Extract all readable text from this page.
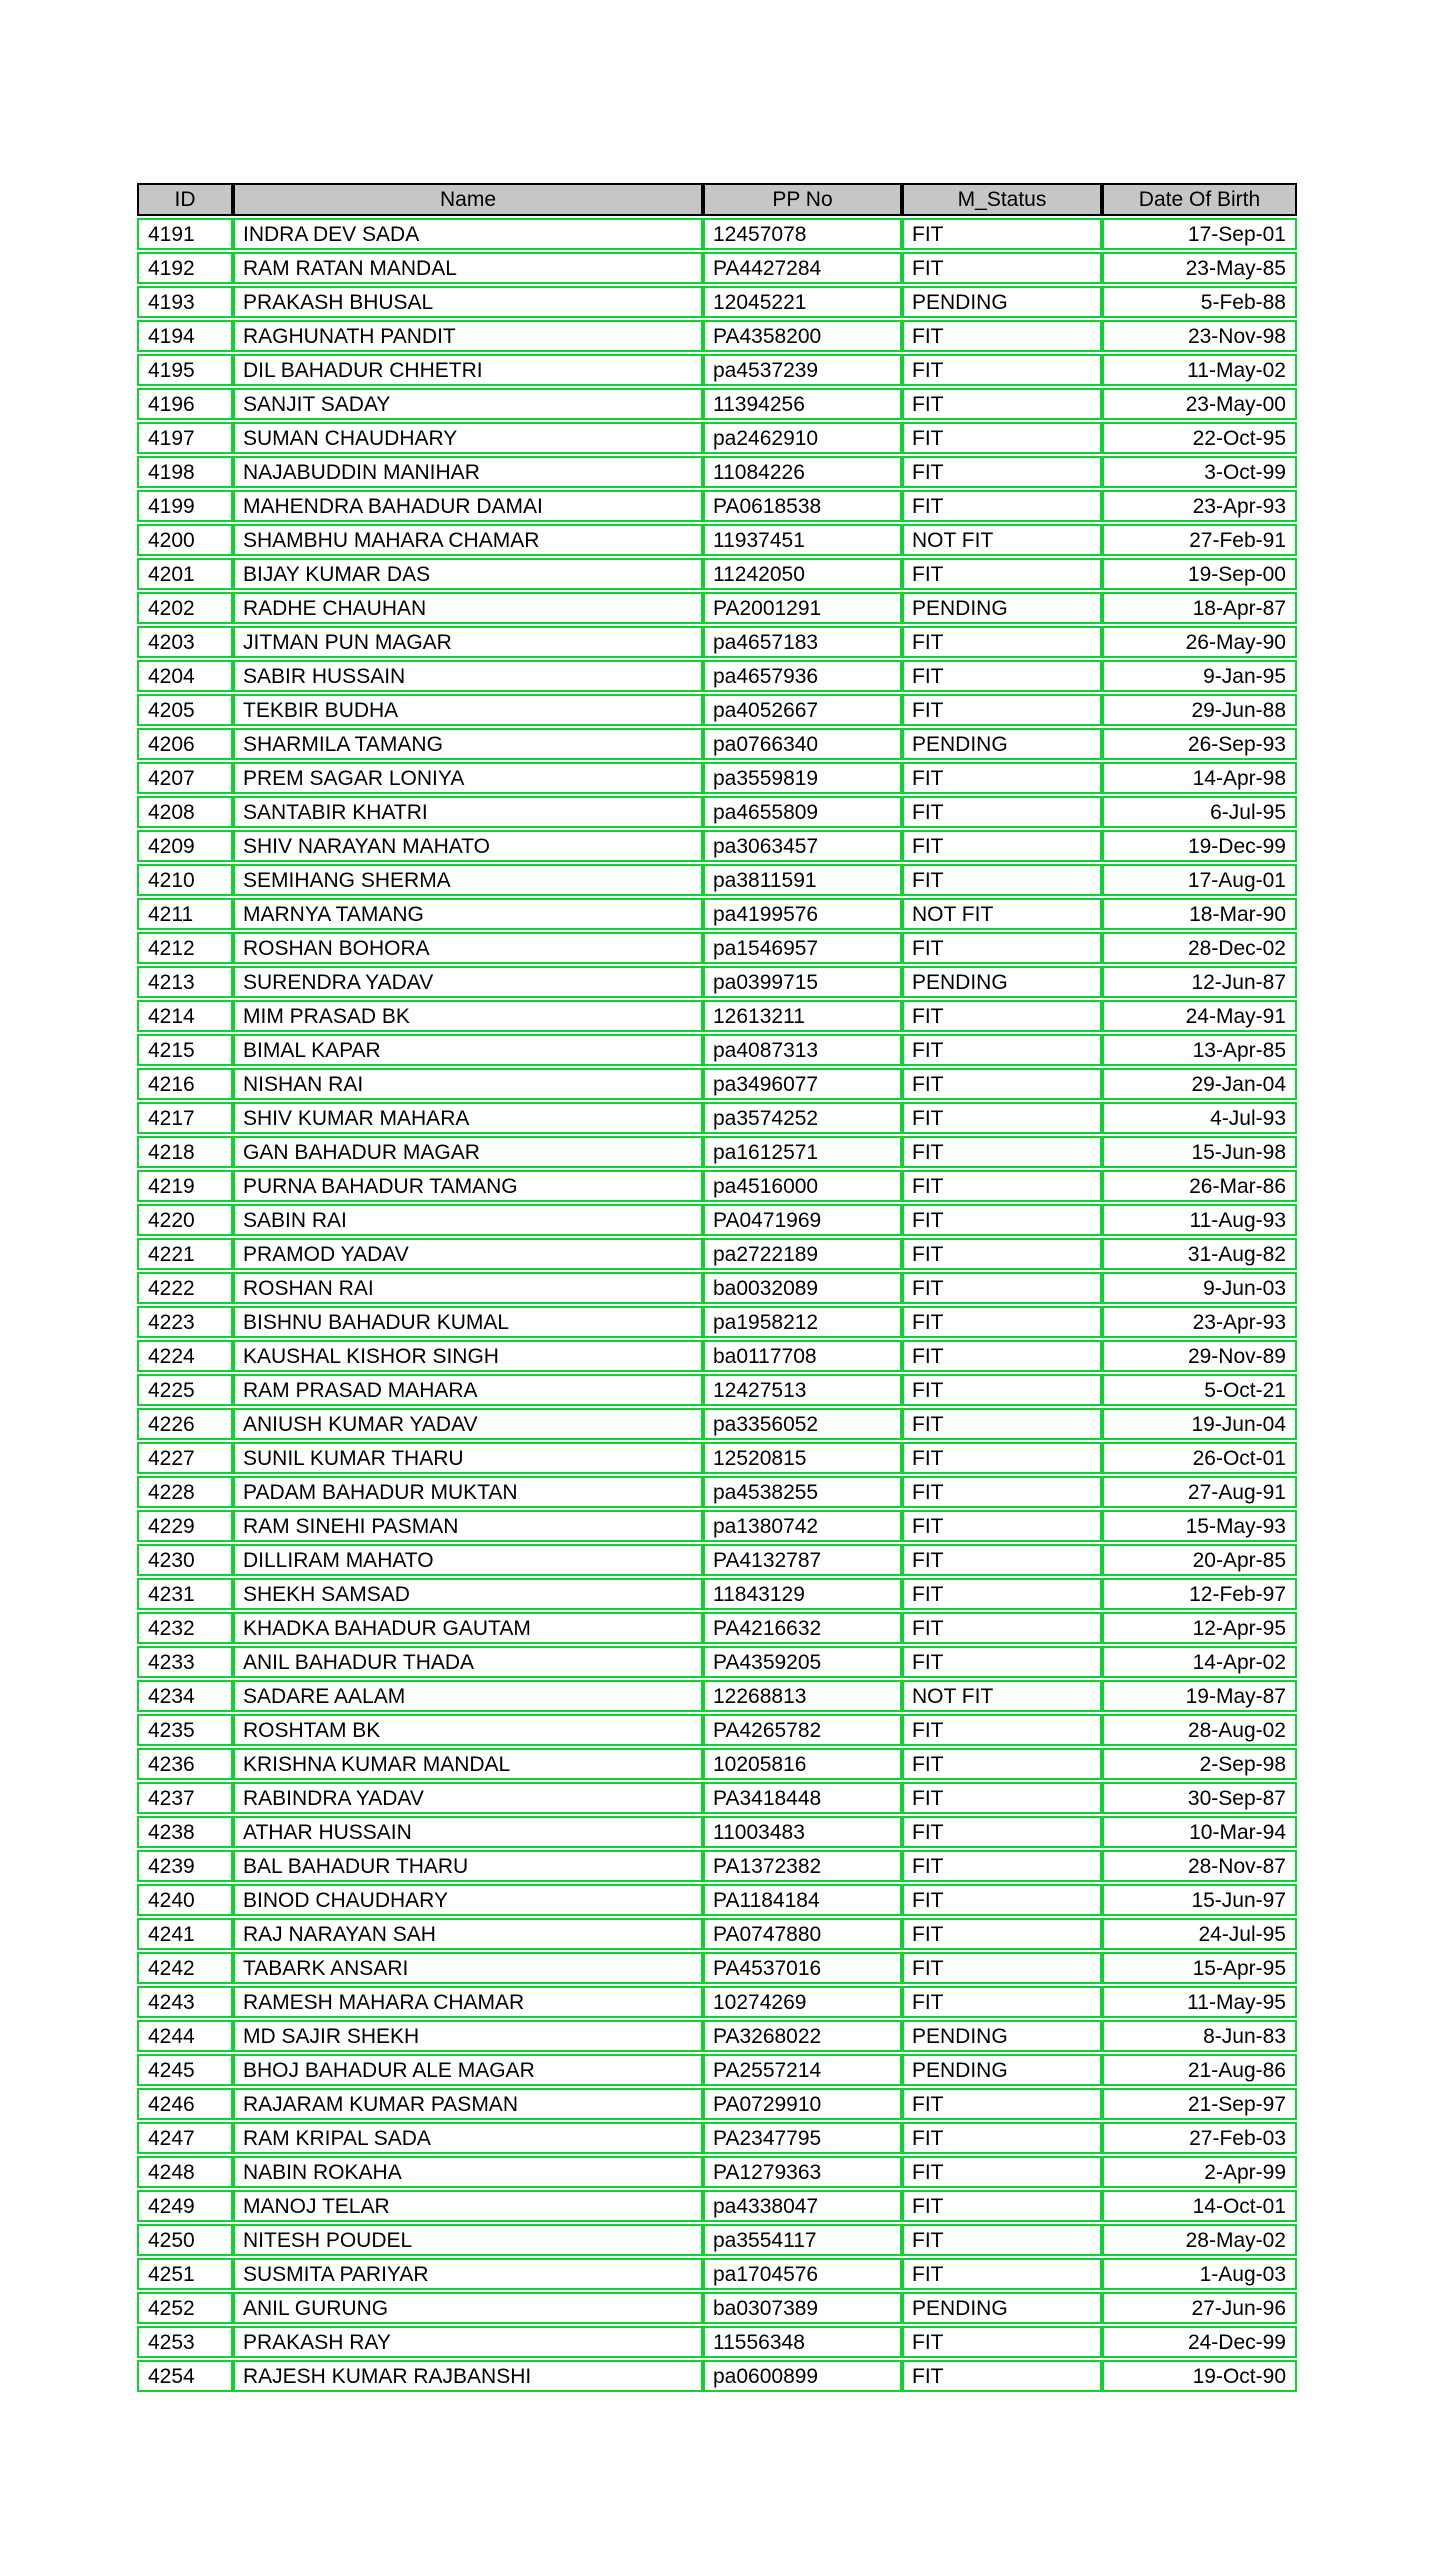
ID	Name	PP No	M_Status	Date Of Birth
4191	INDRA DEV SADA	12457078	FIT	17-Sep-01
4192	RAM RATAN MANDAL	PA4427284	FIT	23-May-85
4193	PRAKASH BHUSAL	12045221	PENDING	5-Feb-88
4194	RAGHUNATH PANDIT	PA4358200	FIT	23-Nov-98
4195	DIL BAHADUR CHHETRI	pa4537239	FIT	11-May-02
4196	SANJIT SADAY	11394256	FIT	23-May-00
4197	SUMAN CHAUDHARY	pa2462910	FIT	22-Oct-95
4198	NAJABUDDIN MANIHAR	11084226	FIT	3-Oct-99
4199	MAHENDRA BAHADUR DAMAI	PA0618538	FIT	23-Apr-93
4200	SHAMBHU MAHARA CHAMAR	11937451	NOT FIT	27-Feb-91
4201	BIJAY KUMAR DAS	11242050	FIT	19-Sep-00
4202	RADHE CHAUHAN	PA2001291	PENDING	18-Apr-87
4203	JITMAN PUN MAGAR	pa4657183	FIT	26-May-90
4204	SABIR HUSSAIN	pa4657936	FIT	9-Jan-95
4205	TEKBIR BUDHA	pa4052667	FIT	29-Jun-88
4206	SHARMILA TAMANG	pa0766340	PENDING	26-Sep-93
4207	PREM SAGAR LONIYA	pa3559819	FIT	14-Apr-98
4208	SANTABIR KHATRI	pa4655809	FIT	6-Jul-95
4209	SHIV NARAYAN MAHATO	pa3063457	FIT	19-Dec-99
4210	SEMIHANG SHERMA	pa3811591	FIT	17-Aug-01
4211	MARNYA TAMANG	pa4199576	NOT FIT	18-Mar-90
4212	ROSHAN BOHORA	pa1546957	FIT	28-Dec-02
4213	SURENDRA YADAV	pa0399715	PENDING	12-Jun-87
4214	MIM PRASAD BK	12613211	FIT	24-May-91
4215	BIMAL KAPAR	pa4087313	FIT	13-Apr-85
4216	NISHAN RAI	pa3496077	FIT	29-Jan-04
4217	SHIV KUMAR MAHARA	pa3574252	FIT	4-Jul-93
4218	GAN BAHADUR MAGAR	pa1612571	FIT	15-Jun-98
4219	PURNA BAHADUR TAMANG	pa4516000	FIT	26-Mar-86
4220	SABIN RAI	PA0471969	FIT	11-Aug-93
4221	PRAMOD YADAV	pa2722189	FIT	31-Aug-82
4222	ROSHAN RAI	ba0032089	FIT	9-Jun-03
4223	BISHNU BAHADUR KUMAL	pa1958212	FIT	23-Apr-93
4224	KAUSHAL KISHOR SINGH	ba0117708	FIT	29-Nov-89
4225	RAM PRASAD MAHARA	12427513	FIT	5-Oct-21
4226	ANIUSH KUMAR YADAV	pa3356052	FIT	19-Jun-04
4227	SUNIL KUMAR THARU	12520815	FIT	26-Oct-01
4228	PADAM BAHADUR MUKTAN	pa4538255	FIT	27-Aug-91
4229	RAM SINEHI PASMAN	pa1380742	FIT	15-May-93
4230	DILLIRAM MAHATO	PA4132787	FIT	20-Apr-85
4231	SHEKH SAMSAD	11843129	FIT	12-Feb-97
4232	KHADKA BAHADUR GAUTAM	PA4216632	FIT	12-Apr-95
4233	ANIL BAHADUR THADA	PA4359205	FIT	14-Apr-02
4234	SADARE AALAM	12268813	NOT FIT	19-May-87
4235	ROSHTAM BK	PA4265782	FIT	28-Aug-02
4236	KRISHNA KUMAR MANDAL	10205816	FIT	2-Sep-98
4237	RABINDRA YADAV	PA3418448	FIT	30-Sep-87
4238	ATHAR HUSSAIN	11003483	FIT	10-Mar-94
4239	BAL BAHADUR THARU	PA1372382	FIT	28-Nov-87
4240	BINOD CHAUDHARY	PA1184184	FIT	15-Jun-97
4241	RAJ NARAYAN SAH	PA0747880	FIT	24-Jul-95
4242	TABARK ANSARI	PA4537016	FIT	15-Apr-95
4243	RAMESH MAHARA CHAMAR	10274269	FIT	11-May-95
4244	MD SAJIR SHEKH	PA3268022	PENDING	8-Jun-83
4245	BHOJ BAHADUR ALE MAGAR	PA2557214	PENDING	21-Aug-86
4246	RAJARAM KUMAR PASMAN	PA0729910	FIT	21-Sep-97
4247	RAM KRIPAL SADA	PA2347795	FIT	27-Feb-03
4248	NABIN ROKAHA	PA1279363	FIT	2-Apr-99
4249	MANOJ TELAR	pa4338047	FIT	14-Oct-01
4250	NITESH POUDEL	pa3554117	FIT	28-May-02
4251	SUSMITA PARIYAR	pa1704576	FIT	1-Aug-03
4252	ANIL GURUNG	ba0307389	PENDING	27-Jun-96
4253	PRAKASH RAY	11556348	FIT	24-Dec-99
4254	RAJESH KUMAR RAJBANSHI	pa0600899	FIT	19-Oct-90
